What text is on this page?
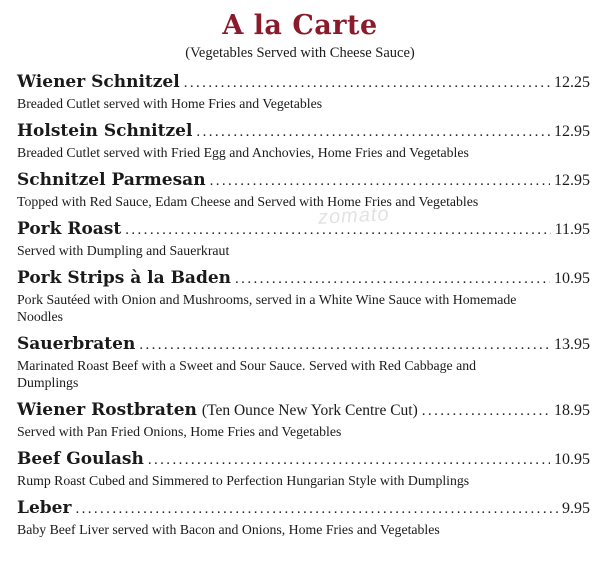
A la Carte
(Vegetables Served with Cheese Sauce)
zomato
Wiener Schnitzel .....	12.25
Breaded Cutlet served with Home Fries and Vegetables
Holstein Schnitzel .....	12.95
Breaded Cutlet served with Fried Egg and Anchovies, Home Fries and Vegetables
Schnitzel Parmesan .....	12.95
Topped with Red Sauce, Edam Cheese and Served with Home Fries and Vegetables
Pork Roast .....	11.95
Served with Dumpling and Sauerkraut
Pork Strips à la Baden .....	10.95
Pork Sautéed with Onion and Mushrooms, served in a White Wine Sauce with Homemade Noodles
Sauerbraten .....	13.95
Marinated Roast Beef with a Sweet and Sour Sauce. Served with Red Cabbage and Dumplings
Wiener Rostbraten (Ten Ounce New York Centre Cut) .....	18.95
Served with Pan Fried Onions, Home Fries and Vegetables
Beef Goulash .....	10.95
Rump Roast Cubed and Simmered to Perfection Hungarian Style with Dumplings
Leber .....	9.95
Baby Beef Liver served with Bacon and Onions, Home Fries and Vegetables
